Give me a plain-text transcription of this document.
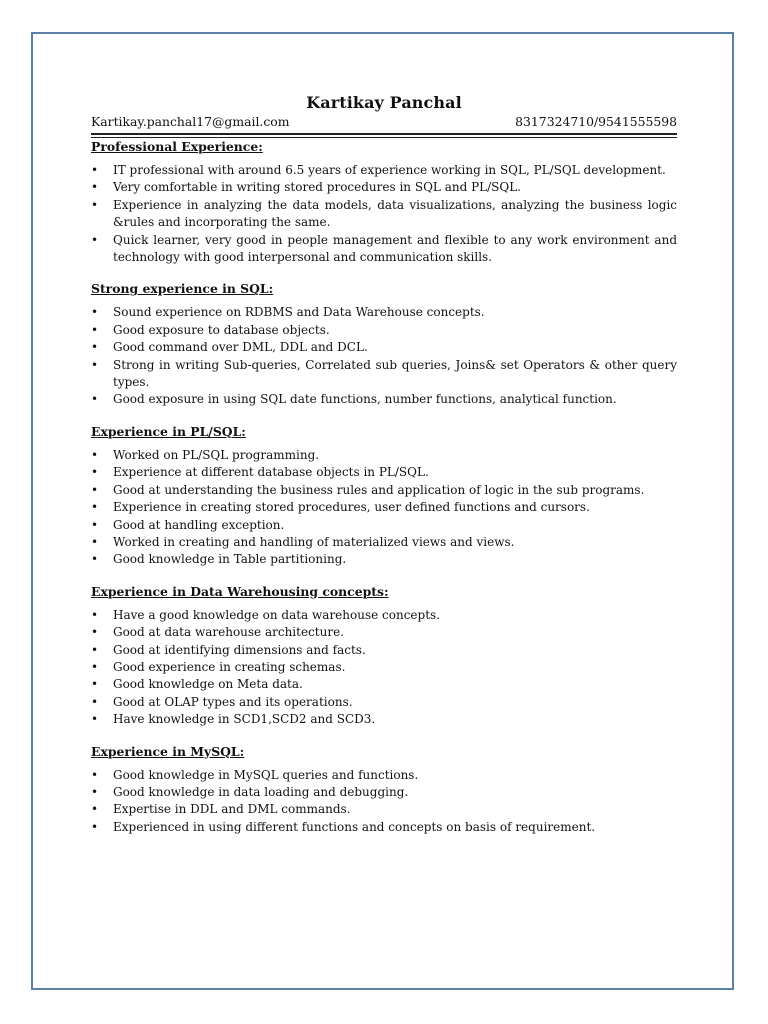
Kartikay Panchal
Kartikay.panchal17@gmail.com	8317324710/9541555598
Professional Experience:
• IT professional with around 6.5 years of experience working in SQL, PL/SQL development.
• Very comfortable in writing stored procedures in SQL and PL/SQL.
• Experience in analyzing the data models, data visualizations, analyzing the business logic &rules and incorporating the same.
• Quick learner, very good in people management and flexible to any work environment and technology with good interpersonal and communication skills.
Strong experience in SQL:
• Sound experience on RDBMS and Data Warehouse concepts.
• Good exposure to database objects.
• Good command over DML, DDL and DCL.
• Strong in writing Sub-queries, Correlated sub queries, Joins& set Operators & other query types.
• Good exposure in using SQL date functions, number functions, analytical function.
Experience in PL/SQL:
• Worked on PL/SQL programming.
• Experience at different database objects in PL/SQL.
• Good at understanding the business rules and application of logic in the sub programs.
• Experience in creating stored procedures, user defined functions and cursors.
• Good at handling exception.
• Worked in creating and handling of materialized views and views.
• Good knowledge in Table partitioning.
Experience in Data Warehousing concepts:
• Have a good knowledge on data warehouse concepts.
• Good at data warehouse architecture.
• Good at identifying dimensions and facts.
• Good experience in creating schemas.
• Good knowledge on Meta data.
• Good at OLAP types and its operations.
• Have knowledge in SCD1,SCD2 and SCD3.
Experience in MySQL:
• Good knowledge in MySQL queries and functions.
• Good knowledge in data loading and debugging.
• Expertise in DDL and DML commands.
• Experienced in using different functions and concepts on basis of requirement.
